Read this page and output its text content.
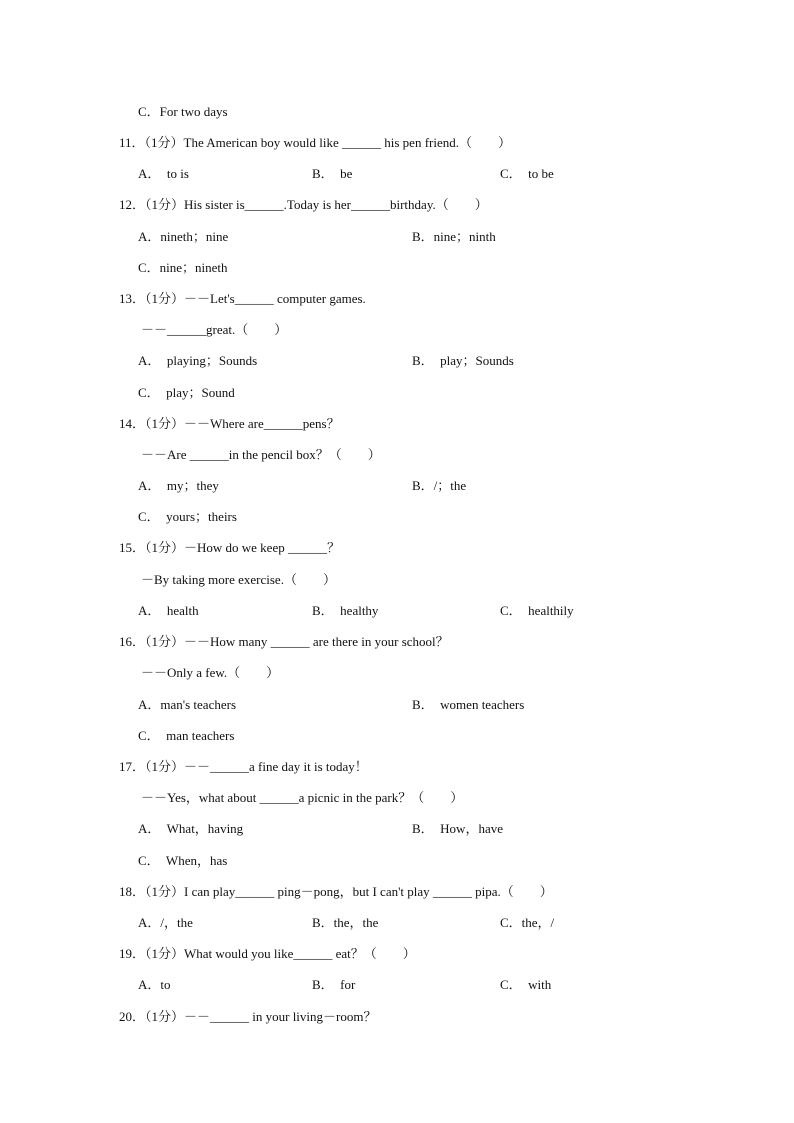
C．For two days
11．（1分）The American boy would like ______ his pen friend.（　　）
A．  to is	B．  be	C．  to be
12．（1分）His sister is______.Today is her______birthday.（　　）
A．nineth；nine	B．nine；ninth
C．nine；nineth
13．（1分）－－Let's______ computer games.
－－______great.（　　）
A．  playing；Sounds	B．  play；Sounds
C．  play；Sound
14．（1分）－－Where are______pens？
－－Are ______in the pencil box？（　　）
A．  my；they	B．/；the
C．  yours；theirs
15．（1分）－How do we keep ______？
－By taking more exercise.（　　）
A．  health	B．  healthy	C．  healthily
16．（1分）－－How many ______ are there in your school？
－－Only a few.（　　）
A．man's teachers	B．  women teachers
C．  man teachers
17．（1分）－－______a fine day it is today！
－－Yes，what about ______a picnic in the park？（　　）
A．  What，having	B．  How，have
C．  When，has
18．（1分）I can play______ ping－pong，but I can't play ______ pipa.（　　）
A．/，the	B．the，the	C．the，/
19．（1分）What would you like______ eat？（　　）
A．to	B．  for	C．  with
20．（1分）－－______ in your living－room？
